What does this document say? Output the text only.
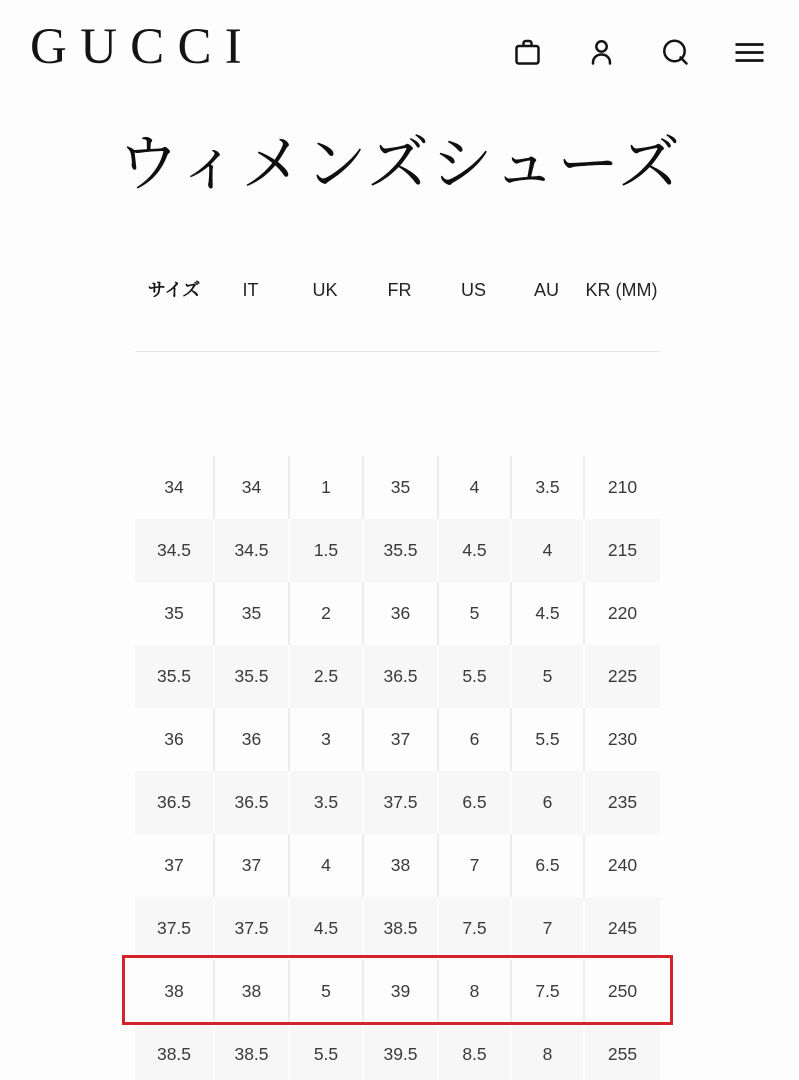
GUCCI
ウィメンズシューズ
サイズ	IT	UK	FR	US	AU	KR (MM)
34	34	1	35	4	3.5	210
34.5	34.5	1.5	35.5	4.5	4	215
35	35	2	36	5	4.5	220
35.5	35.5	2.5	36.5	5.5	5	225
36	36	3	37	6	5.5	230
36.5	36.5	3.5	37.5	6.5	6	235
37	37	4	38	7	6.5	240
37.5	37.5	4.5	38.5	7.5	7	245
38	38	5	39	8	7.5	250
38.5	38.5	5.5	39.5	8.5	8	255
